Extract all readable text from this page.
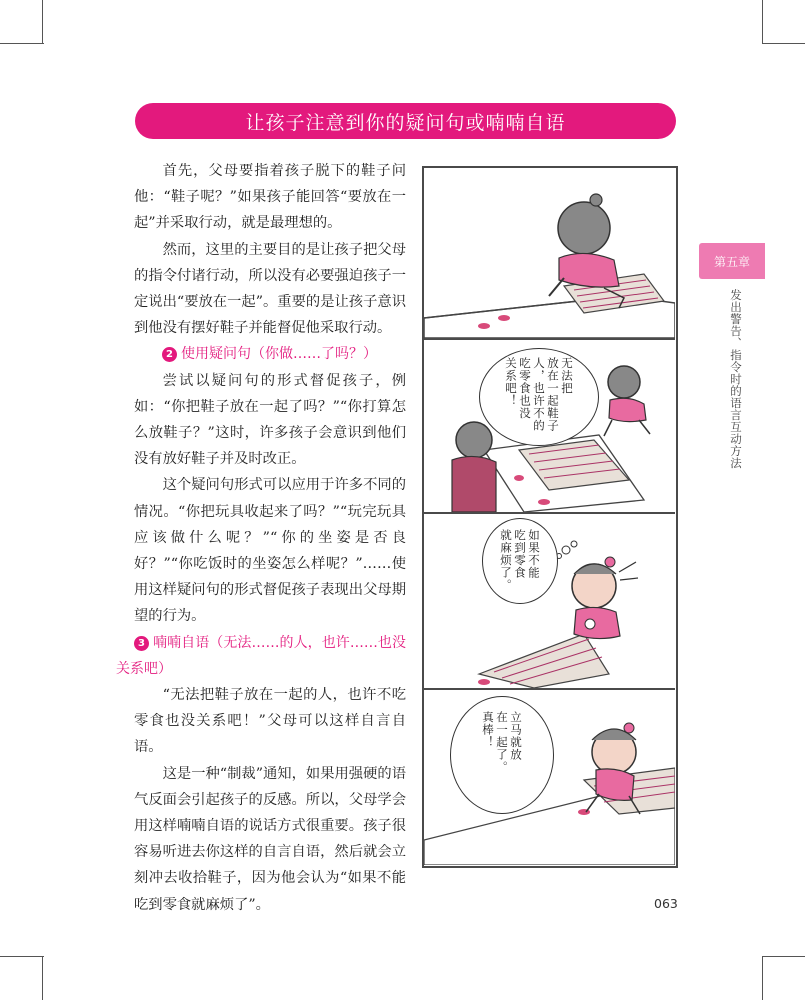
让孩子注意到你的疑问句或喃喃自语

首先，父母要指着孩子脱下的鞋子问他：“鞋子呢？”如果孩子能回答“要放在一起”并采取行动，就是最理想的。

然而，这里的主要目的是让孩子把父母的指令付诸行动，所以没有必要强迫孩子一定说出“要放在一起”。重要的是让孩子意识到他没有摆好鞋子并能督促他采取行动。

2 使用疑问句（你做……了吗？）

尝试以疑问句的形式督促孩子，例如：“你把鞋子放在一起了吗？”“你打算怎么放鞋子？”这时，许多孩子会意识到他们没有放好鞋子并及时改正。

这个疑问句形式可以应用于许多不同的情况。“你把玩具收起来了吗？”“玩完玩具应该做什么呢？”“你的坐姿是否良好？”“你吃饭时的坐姿怎么样呢？”……使用这样疑问句的形式督促孩子表现出父母期望的行为。

3 喃喃自语（无法……的人，也许……也没关系吧）

“无法把鞋子放在一起的人，也许不吃零食也没关系吧！”父母可以这样自言自语。

这是一种“制裁”通知，如果用强硬的语气反面会引起孩子的反感。所以，父母学会用这样喃喃自语的说话方式很重要。孩子很容易听进去你这样的自言自语，然后就会立刻冲去收拾鞋子，因为他会认为“如果不能吃到零食就麻烦了”。

无法把
放在一起鞋子
人，也许不的
吃零食也没
关系吧！
如果不能
吃到零食
就麻烦了。
立马就放
在一起了。
真棒！
第五章
发出警告、指令时的语言互动方法
063
